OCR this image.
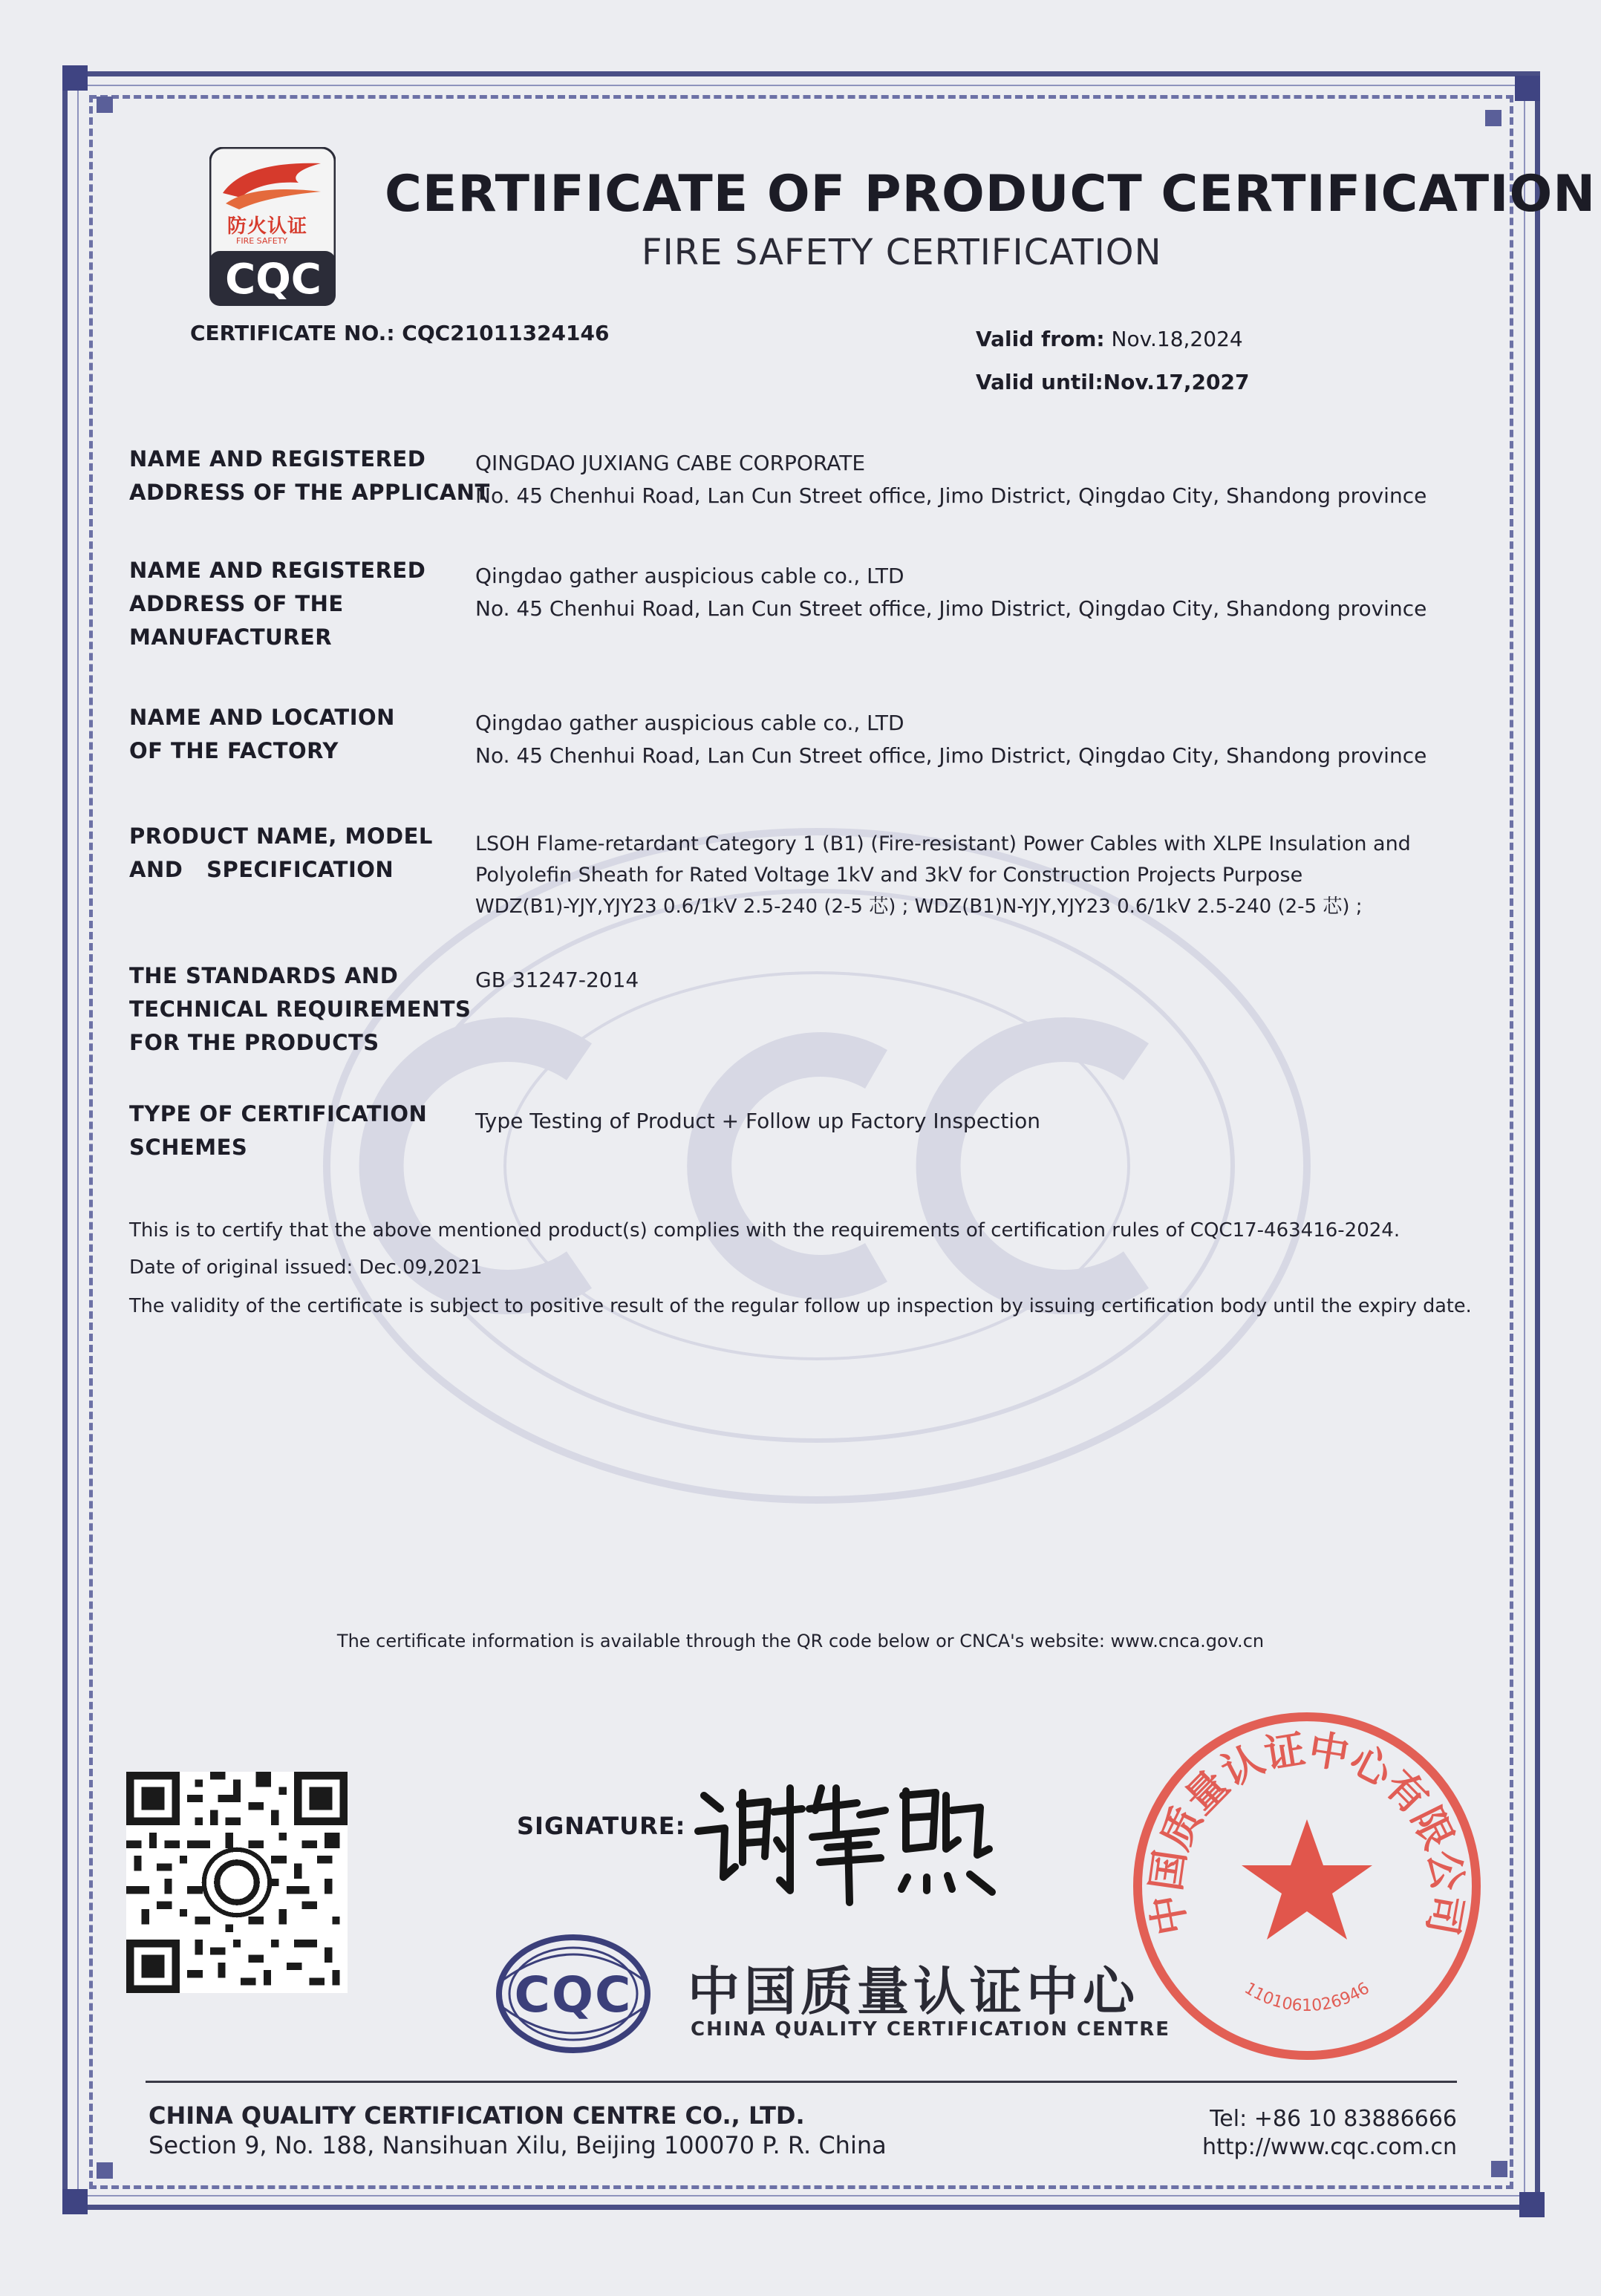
防火认证
FIRE SAFETY
CQC
CERTIFICATE OF PRODUCT CERTIFICATION
FIRE SAFETY CERTIFICATION
CERTIFICATE NO.: CQC21011324146	Valid from: Nov.18,2024
Valid until:Nov.17,2027
NAME AND REGISTERED
ADDRESS OF THE APPLICANT
QINGDAO JUXIANG CABE CORPORATE
No. 45 Chenhui Road, Lan Cun Street office, Jimo District, Qingdao City, Shandong province
NAME AND REGISTERED
ADDRESS OF THE
MANUFACTURER
Qingdao gather auspicious cable co., LTD
No. 45 Chenhui Road, Lan Cun Street office, Jimo District, Qingdao City, Shandong province
NAME AND LOCATION
OF THE FACTORY
Qingdao gather auspicious cable co., LTD
No. 45 Chenhui Road, Lan Cun Street office, Jimo District, Qingdao City, Shandong province
PRODUCT NAME, MODEL
AND   SPECIFICATION
LSOH Flame-retardant Category 1 (B1) (Fire-resistant) Power Cables with XLPE Insulation and
Polyolefin Sheath for Rated Voltage 1kV and 3kV for Construction Projects Purpose
WDZ(B1)-YJY,YJY23 0.6/1kV 2.5-240 (2-5 芯) ; WDZ(B1)N-YJY,YJY23 0.6/1kV 2.5-240 (2-5 芯) ;
THE STANDARDS AND
TECHNICAL REQUIREMENTS
FOR THE PRODUCTS
GB 31247-2014
TYPE OF CERTIFICATION
SCHEMES
Type Testing of Product + Follow up Factory Inspection
This is to certify that the above mentioned product(s) complies with the requirements of certification rules of CQC17-463416-2024.
Date of original issued: Dec.09,2021
The validity of the certificate is subject to positive result of the regular follow up inspection by issuing certification body until the expiry date.
The certificate information is available through the QR code below or CNCA's website: www.cnca.gov.cn
SIGNATURE:
CQC	中国质量认证中心
CHINA QUALITY CERTIFICATION CENTRE
中国质量认证中心有限公司
1101061026946
CHINA QUALITY CERTIFICATION CENTRE CO., LTD.
Section 9, No. 188, Nansihuan Xilu, Beijing 100070 P. R. China
Tel: +86 10 83886666
http://www.cqc.com.cn
